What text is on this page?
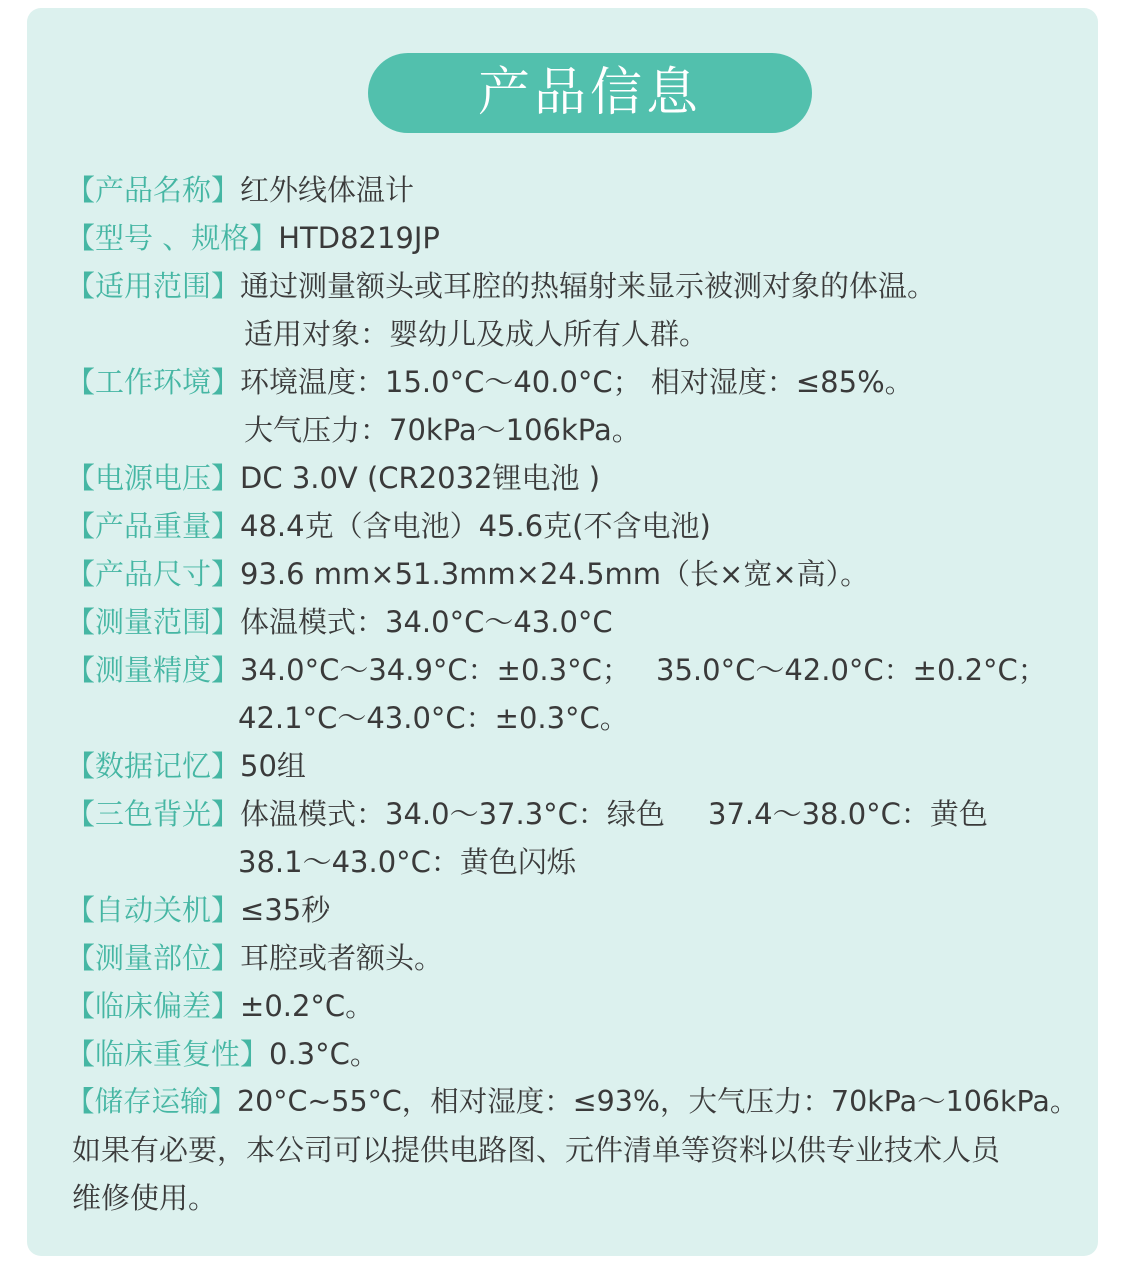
产品信息
【产品名称】红外线体温计
【型号 、规格】HTD8219JP
【适用范围】通过测量额头或耳腔的热辐射来显示被测对象的体温。
适用对象：婴幼儿及成人所有人群。
【工作环境】环境温度：15.0°C～40.0°C； 相对湿度：≤85%。
大气压力：70kPa～106kPa。
【电源电压】DC 3.0V (CR2032锂电池 )
【产品重量】48.4克（含电池）45.6克(不含电池)
【产品尺寸】93.6 mm×51.3mm×24.5mm（长×宽×高）。
【测量范围】体温模式：34.0°C～43.0°C
【测量精度】34.0°C～34.9°C：±0.3°C； 35.0°C～42.0°C：±0.2°C；
42.1°C～43.0°C：±0.3°C。
【数据记忆】50组
【三色背光】体温模式：34.0～37.3°C：绿色 37.4～38.0°C：黄色
38.1～43.0°C：黄色闪烁
【自动关机】≤35秒
【测量部位】耳腔或者额头。
【临床偏差】±0.2°C。
【临床重复性】0.3°C。
【储存运输】20°C~55°C，相对湿度：≤93%，大气压力：70kPa～106kPa。
如果有必要，本公司可以提供电路图、元件清单等资料以供专业技术人员
维修使用。
